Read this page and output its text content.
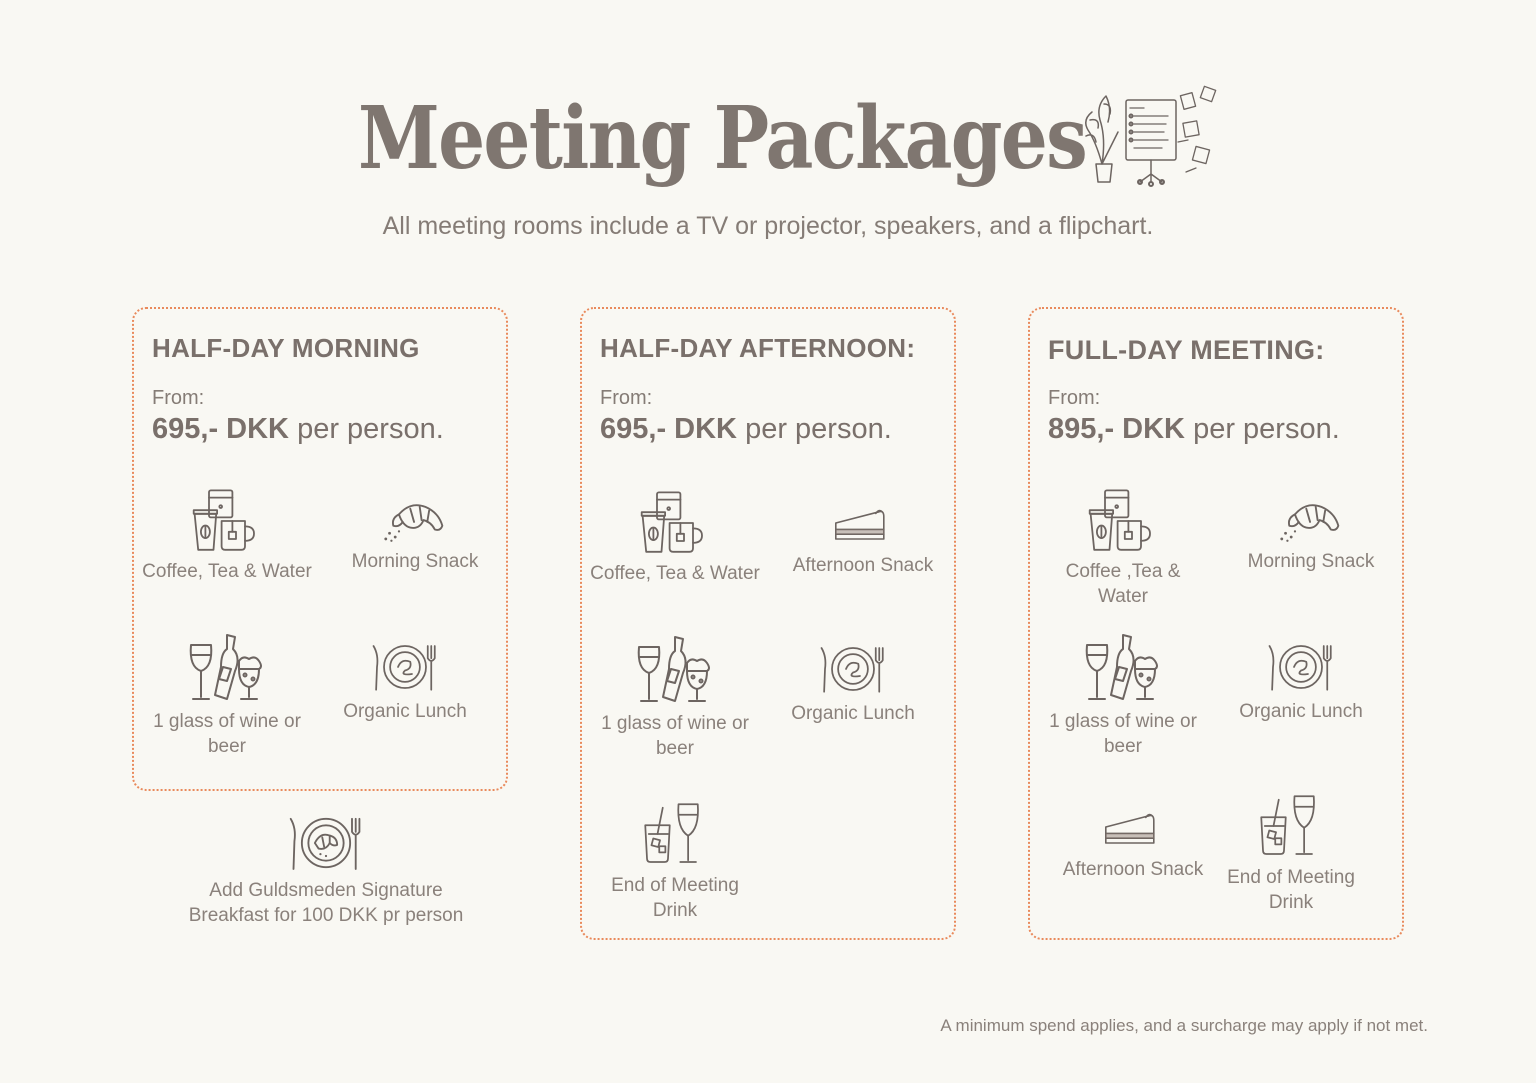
Meeting Packages
All meeting rooms include a TV or projector, speakers, and a flipchart.
HALF-DAY MORNING
From:
695,- DKK per person.
Coffee, Tea & Water	Morning Snack
1 glass of wine or beer
Organic Lunch
Add Guldsmeden Signature Breakfast for 100 DKK pr person
HALF-DAY AFTERNOON:
From:
695,- DKK per person.
Coffee, Tea & Water	Afternoon Snack
1 glass of wine or beer
Organic Lunch
End of Meeting Drink
FULL-DAY MEETING:
From:
895,- DKK per person.
Coffee ,Tea & Water
Morning Snack
1 glass of wine or beer
Organic Lunch
Afternoon Snack	End of Meeting Drink
A minimum spend applies, and a surcharge may apply if not met.
